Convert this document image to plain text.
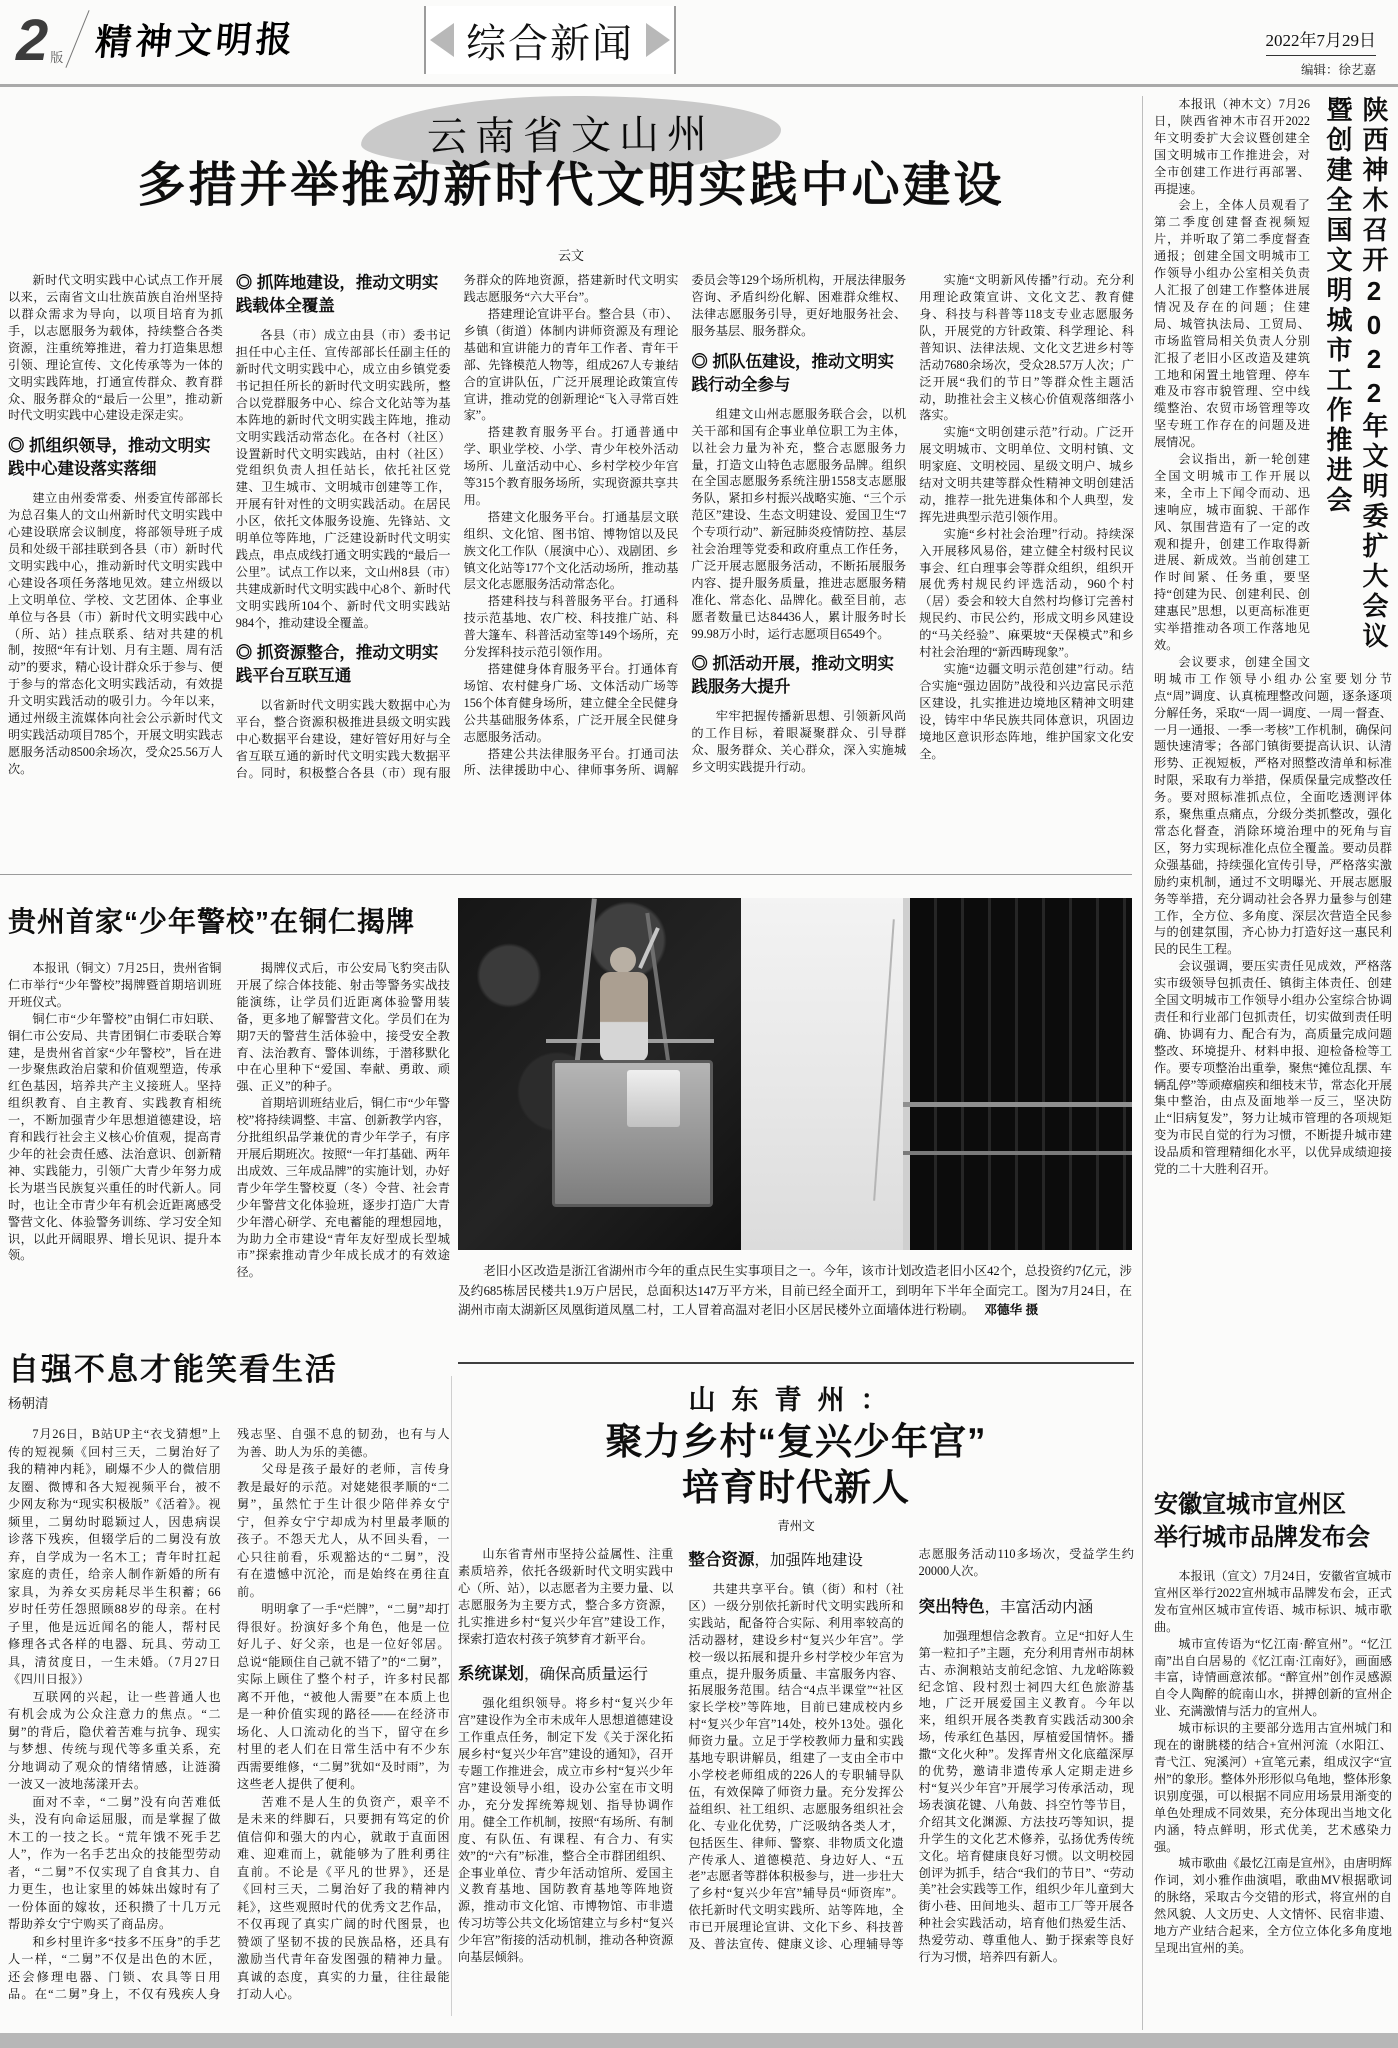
2 版 精神文明报	综合新闻	2022年7月29日
编辑：徐艺嘉
云南省文山州
多措并举推动新时代文明实践中心建设
云文

新时代文明实践中心试点工作开展以来，云南省文山壮族苗族自治州坚持以群众需求为导向，以项目培育为抓手，以志愿服务为载体，持续整合各类资源，注重统筹推进，着力打造集思想引领、理论宣传、文化传承等为一体的文明实践阵地，打通宣传群众、教育群众、服务群众的“最后一公里”，推动新时代文明实践中心建设走深走实。

◎ 抓组织领导，推动文明实践中心建设落实落细

建立由州委常委、州委宣传部部长为总召集人的文山州新时代文明实践中心建设联席会议制度，将部领导班子成员和处级干部挂联到各县（市）新时代文明实践中心，推动新时代文明实践中心建设各项任务落地见效。建立州级以上文明单位、学校、文艺团体、企事业单位与各县（市）新时代文明实践中心（所、站）挂点联系、结对共建的机制，按照“年有计划、月有主题、周有活动”的要求，精心设计群众乐于参与、便于参与的常态化文明实践活动，有效提升文明实践活动的吸引力。今年以来，通过州级主流媒体向社会公示新时代文明实践活动项目785个，开展文明实践志愿服务活动8500余场次，受众25.56万人次。

◎ 抓阵地建设，推动文明实践载体全覆盖

各县（市）成立由县（市）委书记担任中心主任、宣传部部长任副主任的新时代文明实践中心，成立由乡镇党委书记担任所长的新时代文明实践所，整合以党群服务中心、综合文化站等为基本阵地的新时代文明实践主阵地，推动文明实践活动常态化。在各村（社区）设置新时代文明实践站，由村（社区）党组织负责人担任站长，依托社区党建、卫生城市、文明城市创建等工作，开展有针对性的文明实践活动。在居民小区，依托文体服务设施、先锋站、文明单位等阵地，广泛建设新时代文明实践点，串点成线打通文明实践的“最后一公里”。试点工作以来，文山州8县（市）共建成新时代文明实践中心8个、新时代文明实践所104个、新时代文明实践站984个，推动建设全覆盖。

◎ 抓资源整合，推动文明实践平台互联互通

以省新时代文明实践大数据中心为平台，整合资源积极推进县级文明实践中心数据平台建设，建好管好用好与全省互联互通的新时代文明实践大数据平台。同时，积极整合各县（市）现有服务群众的阵地资源，搭建新时代文明实践志愿服务“六大平台”。

搭建理论宣讲平台。整合县（市）、乡镇（街道）体制内讲师资源及有理论基础和宣讲能力的青年工作者、青年干部、先锋模范人物等，组成267人专兼结合的宣讲队伍，广泛开展理论政策宣传宣讲，推动党的创新理论“飞入寻常百姓家”。

搭建教育服务平台。打通普通中学、职业学校、小学、青少年校外活动场所、儿童活动中心、乡村学校少年宫等315个教育服务场所，实现资源共享共用。

搭建文化服务平台。打通基层文联组织、文化馆、图书馆、博物馆以及民族文化工作队（展演中心）、戏剧团、乡镇文化站等177个文化活动场所，推动基层文化志愿服务活动常态化。

搭建科技与科普服务平台。打通科技示范基地、农广校、科技推广站、科普大篷车、科普活动室等149个场所，充分发挥科技示范引领作用。

搭建健身体育服务平台。打通体育场馆、农村健身广场、文体活动广场等156个体育健身场所，建立健全全民健身公共基础服务体系，广泛开展全民健身志愿服务活动。

搭建公共法律服务平台。打通司法所、法律援助中心、律师事务所、调解委员会等129个场所机构，开展法律服务咨询、矛盾纠纷化解、困难群众维权、法律志愿服务引导，更好地服务社会、服务基层、服务群众。

◎ 抓队伍建设，推动文明实践行动全参与

组建文山州志愿服务联合会，以机关干部和国有企事业单位职工为主体，以社会力量为补充，整合志愿服务力量，打造文山特色志愿服务品牌。组织在全国志愿服务系统注册1558支志愿服务队，紧扣乡村振兴战略实施、“三个示范区”建设、生态文明建设、爱国卫生“7个专项行动”、新冠肺炎疫情防控、基层社会治理等党委和政府重点工作任务，广泛开展志愿服务活动，不断拓展服务内容、提升服务质量，推进志愿服务精准化、常态化、品牌化。截至目前，志愿者数量已达84436人，累计服务时长99.98万小时，运行志愿项目6549个。

◎ 抓活动开展，推动文明实践服务大提升

牢牢把握传播新思想、引领新风尚的工作目标，着眼凝聚群众、引导群众、服务群众、关心群众，深入实施城乡文明实践提升行动。

实施“文明新风传播”行动。充分利用理论政策宣讲、文化文艺、教育健身、科技与科普等118支专业志愿服务队，开展党的方针政策、科学理论、科普知识、法律法规、文化文艺进乡村等活动7680余场次，受众28.57万人次；广泛开展“我们的节日”等群众性主题活动，助推社会主义核心价值观落细落小落实。

实施“文明创建示范”行动。广泛开展文明城市、文明单位、文明村镇、文明家庭、文明校园、星级文明户、城乡结对文明共建等群众性精神文明创建活动，推荐一批先进集体和个人典型，发挥先进典型示范引领作用。

实施“乡村社会治理”行动。持续深入开展移风易俗，建立健全村级村民议事会、红白理事会等群众组织，组织开展优秀村规民约评选活动，960个村（居）委会和较大自然村均修订完善村规民约、市民公约，形成文明乡风建设的“马关经验”、麻栗坡“天保模式”和乡村社会治理的“新西畴现象”。

实施“边疆文明示范创建”行动。结合实施“强边固防”战役和兴边富民示范区建设，扎实推进边境地区精神文明建设，铸牢中华民族共同体意识，巩固边境地区意识形态阵地，维护国家文化安全。

陕西神木召开2022年文明委扩大会议
暨创建全国文明城市工作推进会

本报讯（神木文）7月26日，陕西省神木市召开2022年文明委扩大会议暨创建全国文明城市工作推进会，对全市创建工作进行再部署、再提速。

会上，全体人员观看了第二季度创建督查视频短片，并听取了第二季度督查通报；创建全国文明城市工作领导小组办公室相关负责人汇报了创建工作整体进展情况及存在的问题；住建局、城管执法局、工贸局、市场监管局相关负责人分别汇报了老旧小区改造及建筑工地和闲置土地管理、停车难及市容市貌管理、空中线缆整治、农贸市场管理等攻坚专班工作存在的问题及进展情况。

会议指出，新一轮创建全国文明城市工作开展以来，全市上下闻令而动、迅速响应，城市面貌、干部作风、氛围营造有了一定的改观和提升，创建工作取得新进展、新成效。当前创建工作时间紧、任务重，要坚持“创建为民、创建利民、创建惠民”思想，以更高标准更实举措推动各项工作落地见效。

会议要求，创建全国文明城市工作领导小组办公室要划分节点“周”调度、认真梳理整改问题，逐条逐项分解任务，采取“一周一调度、一周一督查、一月一通报、一季一考核”工作机制，确保问题快速清零；各部门镇街要提高认识、认清形势、正视短板，严格对照整改清单和标准时限，采取有力举措，保质保量完成整改任务。要对照标准抓点位，全面吃透测评体系，聚焦重点痛点，分级分类抓整改，强化常态化督查，消除环境治理中的死角与盲区，努力实现标准化点位全覆盖。要动员群众强基础，持续强化宣传引导，严格落实激励约束机制，通过不文明曝光、开展志愿服务等举措，充分调动社会各界力量参与创建工作，全方位、多角度、深层次营造全民参与的创建氛围，齐心协力打造好这一惠民利民的民生工程。

会议强调，要压实责任见成效，严格落实市级领导包抓责任、镇街主体责任、创建全国文明城市工作领导小组办公室综合协调责任和行业部门包抓责任，切实做到责任明确、协调有力、配合有为，高质量完成问题整改、环境提升、材料申报、迎检备检等工作。要专项整治出重拳，聚焦“摊位乱摆、车辆乱停”等顽瘴痼疾和细枝末节，常态化开展集中整治，由点及面地举一反三，坚决防止“旧病复发”，努力让城市管理的各项规矩变为市民自觉的行为习惯，不断提升城市建设品质和管理精细化水平，以优异成绩迎接党的二十大胜利召开。

安徽宣城市宣州区
举行城市品牌发布会

本报讯（宣文）7月24日，安徽省宣城市宣州区举行2022宣州城市品牌发布会，正式发布宣州区城市宣传语、城市标识、城市歌曲。

城市宣传语为“忆江南·醉宣州”。“忆江南”出自白居易的《忆江南·江南好》，画面感丰富，诗情画意浓郁。“醉宣州”创作灵感源自令人陶醉的皖南山水，拼搏创新的宣州企业、充满激情与活力的宣州人。

城市标识的主要部分选用古宣州城门和现在的谢朓楼的结合+宣州河流（水阳江、青弋江、宛溪河）+宣笔元素，组成汉字“宣州”的象形。整体外形形似乌龟地，整体形象识别度强，可以根据不同应用场景用渐变的单色处理成不同效果，充分体现出当地文化内涵，特点鲜明，形式优美，艺术感染力强。

城市歌曲《最忆江南是宣州》，由唐明辉作词，刘小雅作曲演唱，歌曲MV根据歌词的脉络，采取古今交错的形式，将宣州的自然风貌、人文历史、人文情怀、民宿非遗、地方产业结合起来，全方位立体化多角度地呈现出宣州的美。

贵州首家“少年警校”在铜仁揭牌

本报讯（铜文）7月25日，贵州省铜仁市举行“少年警校”揭牌暨首期培训班开班仪式。

铜仁市“少年警校”由铜仁市妇联、铜仁市公安局、共青团铜仁市委联合筹建，是贵州省首家“少年警校”，旨在进一步聚焦政治启蒙和价值观塑造，传承红色基因，培养共产主义接班人。坚持组织教育、自主教育、实践教育相统一，不断加强青少年思想道德建设，培育和践行社会主义核心价值观，提高青少年的社会责任感、法治意识、创新精神、实践能力，引领广大青少年努力成长为堪当民族复兴重任的时代新人。同时，也让全市青少年有机会近距离感受警营文化、体验警务训练、学习安全知识，以此开阔眼界、增长见识、提升本领。

揭牌仪式后，市公安局飞豹突击队开展了综合体技能、射击等警务实战技能演练，让学员们近距离体验警用装备，更多地了解警营文化。学员们在为期7天的警营生活体验中，接受安全教育、法治教育、警体训练，于潜移默化中在心里种下“爱国、奉献、勇敢、顽强、正义”的种子。

首期培训班结业后，铜仁市“少年警校”将持续调整、丰富、创新教学内容，分批组织品学兼优的青少年学子，有序开展后期班次。按照“一年打基础、两年出成效、三年成品牌”的实施计划，办好青少年学生警校夏（冬）令营、社会青少年警营文化体验班，逐步打造广大青少年潜心研学、充电蓄能的理想园地，为助力全市建设“青年友好型成长型城市”探索推动青少年成长成才的有效途径。	老旧小区改造是浙江省湖州市今年的重点民生实事项目之一。今年，该市计划改造老旧小区42个，总投资约7亿元，涉及约685栋居民楼共1.9万户居民，总面积达147万平方米，目前已经全面开工，到明年下半年全面完工。图为7月24日，在湖州市南太湖新区凤凰街道凤凰二村，工人冒着高温对老旧小区居民楼外立面墙体进行粉刷。 邓德华 摄

自强不息才能笑看生活
杨朝清

7月26日，B站UP主“衣戈猜想”上传的短视频《回村三天，二舅治好了我的精神内耗》，刷爆不少人的微信朋友圈、微博和各大短视频平台，被不少网友称为“现实积极版”《活着》。视频里，二舅幼时聪颖过人，因患病误诊落下残疾，但辍学后的二舅没有放弃，自学成为一名木工；青年时扛起家庭的责任，给亲人制作新婚的所有家具，为养女买房耗尽半生积蓄；66岁时任劳任怨照顾88岁的母亲。在村子里，他是远近闻名的能人，帮村民修理各式各样的电器、玩具、劳动工具，清贫度日，一生未婚。（7月27日《四川日报》）

互联网的兴起，让一些普通人也有机会成为公众注意力的焦点。“二舅”的背后，隐伏着苦难与抗争、现实与梦想、传统与现代等多重关系，充分地调动了观众的情绪情感，让涟漪一波又一波地荡漾开去。

面对不幸，“二舅”没有向苦难低头，没有向命运屈服，而是掌握了做木工的一技之长。“荒年饿不死手艺人”，作为一名手艺出众的技能型劳动者，“二舅”不仅实现了自食其力、自力更生，也让家里的姊妹出嫁时有了一份体面的嫁妆，还积攒了十几万元帮助养女宁宁购买了商品房。

和乡村里许多“技多不压身”的手艺人一样，“二舅”不仅是出色的木匠，还会修理电器、门锁、农具等日用品。在“二舅”身上，不仅有残疾人身残志坚、自强不息的韧劲，也有与人为善、助人为乐的美德。

父母是孩子最好的老师，言传身教是最好的示范。对姥姥很孝顺的“二舅”，虽然忙于生计很少陪伴养女宁宁，但养女宁宁却成为村里最孝顺的孩子。不怨天尤人，从不回头看，一心只往前看，乐观豁达的“二舅”，没有在遗憾中沉沦，而是始终在勇往直前。

明明拿了一手“烂牌”，“二舅”却打得很好。扮演好多个角色，他是一位好儿子、好父亲，也是一位好邻居。总说“能顾住自己就不错了”的“二舅”，实际上顾住了整个村子，许多村民都离不开他，“被他人需要”在本质上也是一种价值实现的路径——在经济市场化、人口流动化的当下，留守在乡村里的老人们在日常生活中有不少东西需要维修，“二舅”犹如“及时雨”，为这些老人提供了便利。

苦难不是人生的负资产，艰辛不是未来的绊脚石，只要拥有笃定的价值信仰和强大的内心，就敢于直面困难、迎难而上，就能够为了胜利勇往直前。不论是《平凡的世界》，还是《回村三天，二舅治好了我的精神内耗》，这些观照时代的优秀文艺作品，不仅再现了真实广阔的时代图景，也赞颂了坚韧不拔的民族品格，还具有激励当代青年奋发图强的精神力量。真诚的态度，真实的力量，往往最能打动人心。

山东青州：
聚力乡村“复兴少年宫”
培育时代新人
青州文

山东省青州市坚持公益属性、注重素质培养，依托各级新时代文明实践中心（所、站），以志愿者为主要力量、以志愿服务为主要方式，整合多方资源，扎实推进乡村“复兴少年宫”建设工作，探索打造农村孩子筑梦育才新平台。

系统谋划，确保高质量运行

强化组织领导。将乡村“复兴少年宫”建设作为全市未成年人思想道德建设工作重点任务，制定下发《关于深化拓展乡村“复兴少年宫”建设的通知》，召开专题工作推进会，成立市乡村“复兴少年宫”建设领导小组，设办公室在市文明办，充分发挥统筹规划、指导协调作用。健全工作机制，按照“有场所、有制度、有队伍、有课程、有合力、有实效”的“六有”标准，整合全市群团组织、企事业单位、青少年活动馆所、爱国主义教育基地、国防教育基地等阵地资源，推动市文化馆、市博物馆、市非遗传习坊等公共文化场馆建立与乡村“复兴少年宫”衔接的活动机制，推动各种资源向基层倾斜。

整合资源，加强阵地建设

共建共享平台。镇（街）和村（社区）一级分别依托新时代文明实践所和实践站，配备符合实际、利用率较高的活动器材，建设乡村“复兴少年宫”。学校一级以拓展和提升乡村学校少年宫为重点，提升服务质量、丰富服务内容、拓展服务范围。结合“4点半课堂”“社区家长学校”等阵地，目前已建成校内乡村“复兴少年宫”14处，校外13处。强化师资力量。立足于学校教师力量和实践基地专职讲解员，组建了一支由全市中小学校老师组成的226人的专职辅导队伍，有效保障了师资力量。充分发挥公益组织、社工组织、志愿服务组织社会化、专业化优势，广泛吸纳各类人才，包括医生、律师、警察、非物质文化遗产传承人、道德模范、身边好人、“五老”志愿者等群体积极参与，进一步壮大了乡村“复兴少年宫”辅导员“师资库”。依托新时代文明实践所、站等阵地，全市已开展理论宣讲、文化下乡、科技普及、普法宣传、健康义诊、心理辅导等志愿服务活动110多场次，受益学生约20000人次。

突出特色，丰富活动内涵

加强理想信念教育。立足“扣好人生第一粒扣子”主题，充分利用青州市胡林古、赤涧粮站支前纪念馆、九龙峪陈毅纪念馆、段村烈士祠四大红色旅游基地，广泛开展爱国主义教育。今年以来，组织开展各类教育实践活动300余场，传承红色基因，厚植爱国情怀。播撒“文化火种”。发挥青州文化底蕴深厚的优势，邀请非遗传承人定期走进乡村“复兴少年宫”开展学习传承活动，现场表演花键、八角鼓、抖空竹等节目，介绍其文化渊源、方法技巧等知识，提升学生的文化艺术修养，弘扬优秀传统文化。培育健康良好习惯。以文明校园创评为抓手，结合“我们的节日”、“劳动美”社会实践等工作，组织少年儿童到大街小巷、田间地头、超市工厂等开展各种社会实践活动，培育他们热爱生活、热爱劳动、尊重他人、勤于探索等良好行为习惯，培养四有新人。
